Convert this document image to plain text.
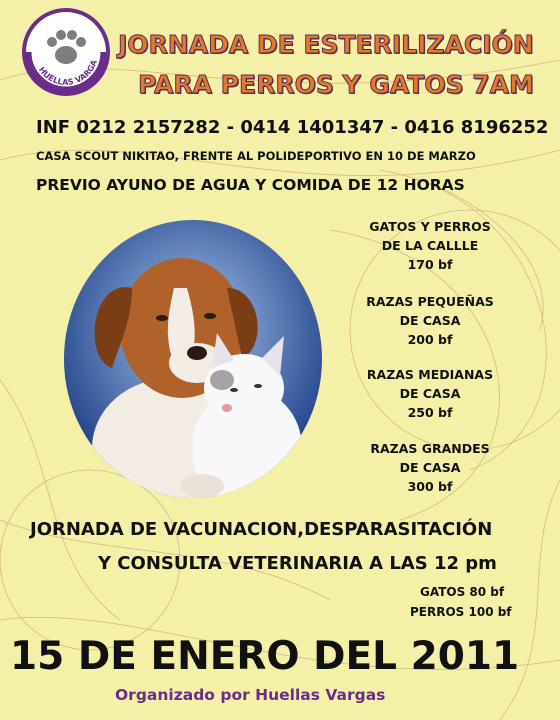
HUELLAS VARGA
JORNADA DE ESTERILIZACIÓN
PARA PERROS Y GATOS 7AM
INF 0212 2157282 - 0414 1401347 - 0416 8196252
CASA SCOUT NIKITAO, FRENTE AL POLIDEPORTIVO EN 10 DE MARZO
PREVIO AYUNO DE AGUA Y COMIDA DE 12 HORAS
GATOS Y PERROS
DE LA CALLLE
170 bf
RAZAS PEQUEÑAS
DE CASA
200 bf
RAZAS MEDIANAS
DE CASA
250 bf
RAZAS GRANDES
DE CASA
300 bf
JORNADA DE VACUNACION,DESPARASITACIÓN
Y CONSULTA VETERINARIA A LAS 12 pm
GATOS 80 bf
PERROS 100 bf
15 DE ENERO DEL 2011
Organizado por Huellas Vargas
